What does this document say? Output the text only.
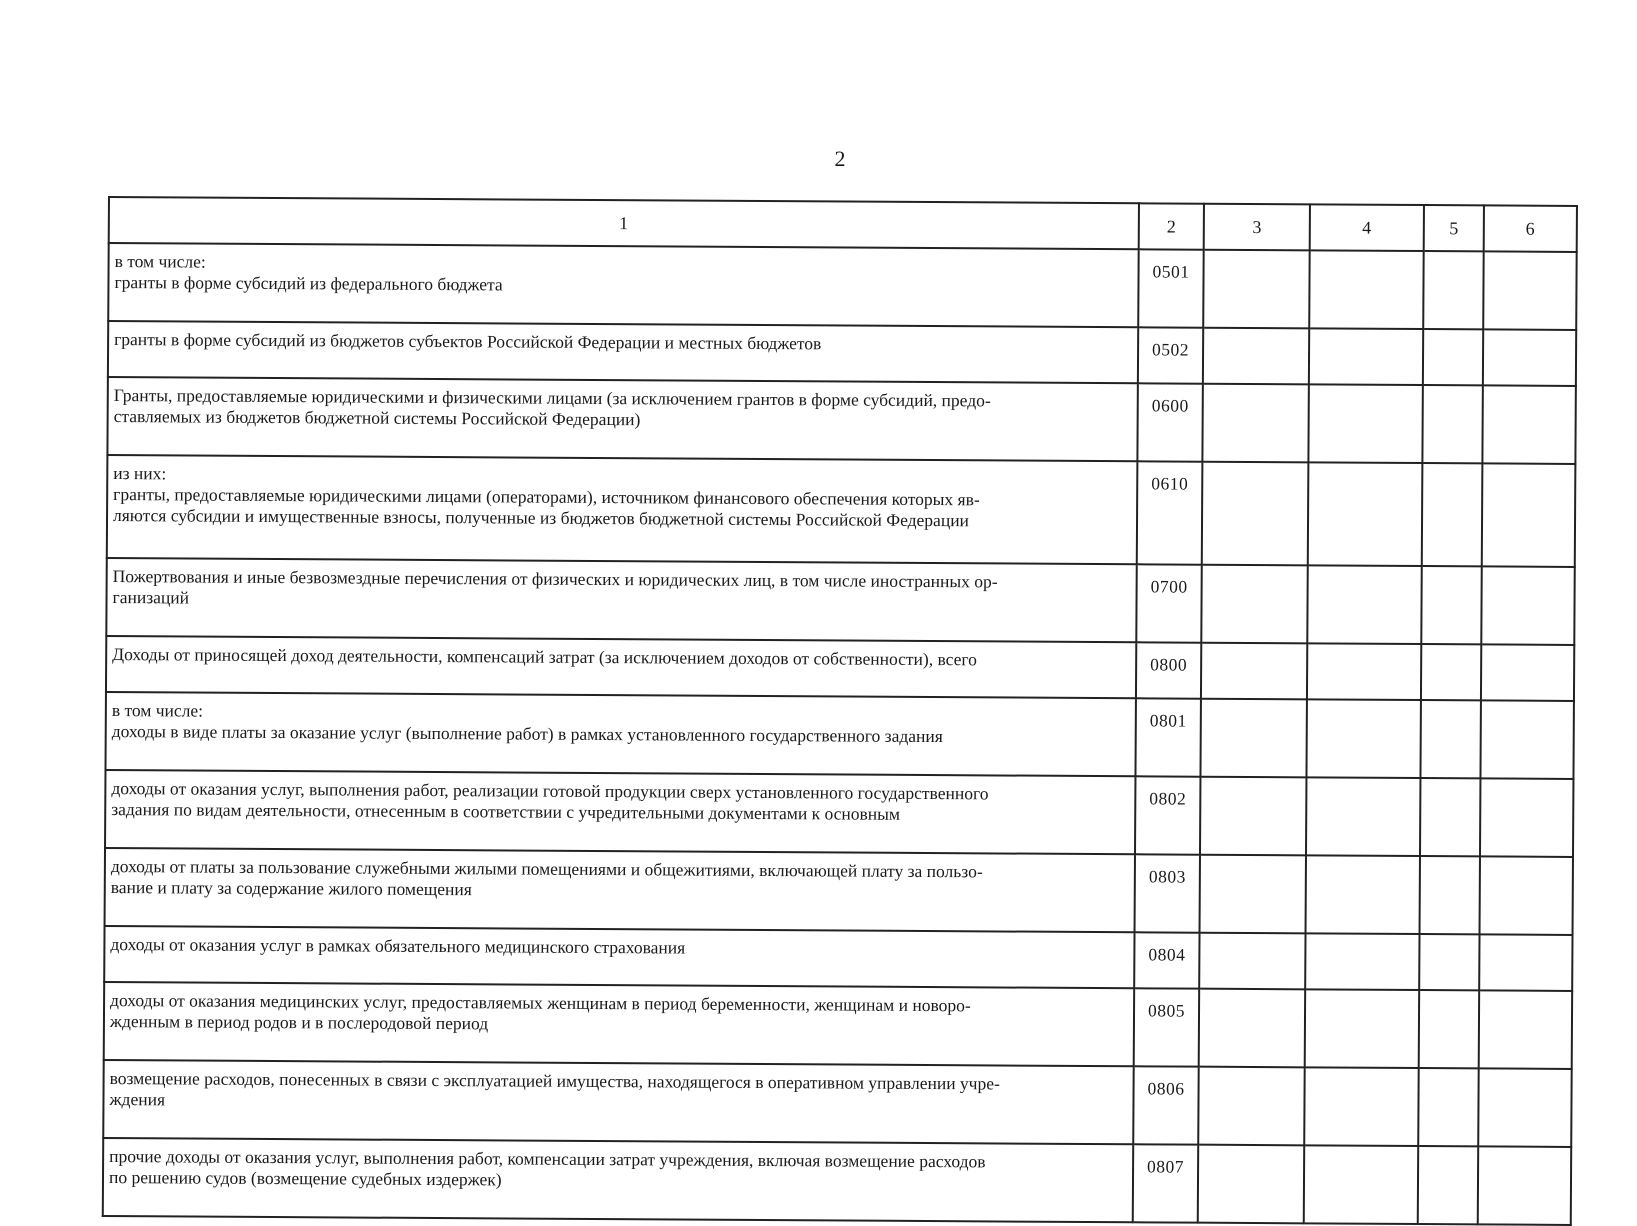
2
1	2	3	4	5	6

в том числе:
гранты в форме субсидий из федерального бюджета	0501				

гранты в форме субсидий из бюджетов субъектов Российской Федерации и местных бюджетов	0502				

Гранты, предоставляемые юридическими и физическими лицами (за исключением грантов в форме субсидий, предо-
ставляемых из бюджетов бюджетной системы Российской Федерации)	0600				

из них:
гранты, предоставляемые юридическими лицами (операторами), источником финансового обеспечения которых яв-
ляются субсидии и имущественные взносы, полученные из бюджетов бюджетной системы Российской Федерации	0610				

Пожертвования и иные безвозмездные перечисления от физических и юридических лиц, в том числе иностранных ор-
ганизаций	0700				

Доходы от приносящей доход деятельности, компенсаций затрат (за исключением доходов от собственности), всего	0800				

в том числе:
доходы в виде платы за оказание услуг (выполнение работ) в рамках установленного государственного задания	0801				

доходы от оказания услуг, выполнения работ, реализации готовой продукции сверх установленного государственного
задания по видам деятельности, отнесенным в соответствии с учредительными документами к основным	0802				

доходы от платы за пользование служебными жилыми помещениями и общежитиями, включающей плату за пользо-
вание и плату за содержание жилого помещения	0803				

доходы от оказания услуг в рамках обязательного медицинского страхования	0804				

доходы от оказания медицинских услуг, предоставляемых женщинам в период беременности, женщинам и новоро-
жденным в период родов и в послеродовой период	0805				

возмещение расходов, понесенных в связи с эксплуатацией имущества, находящегося в оперативном управлении учре-
ждения	0806				

прочие доходы от оказания услуг, выполнения работ, компенсации затрат учреждения, включая возмещение расходов
по решению судов (возмещение судебных издержек)	0807				
